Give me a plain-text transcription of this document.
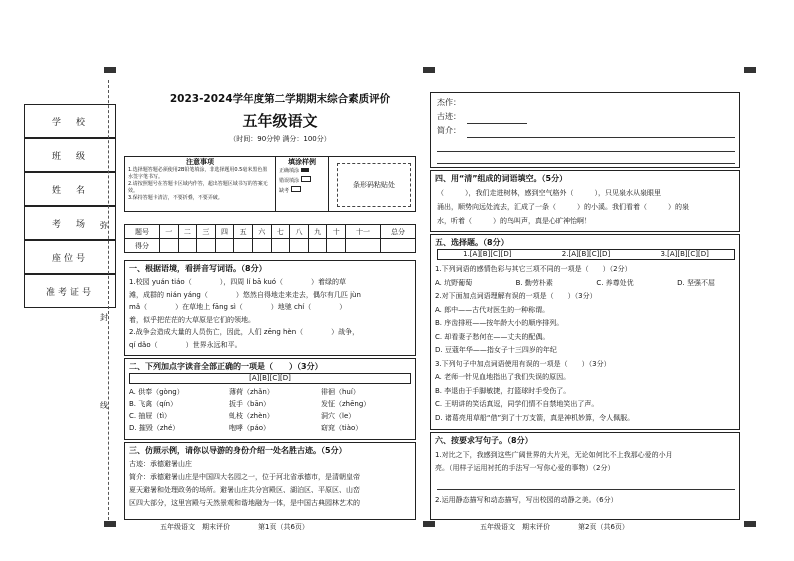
学　校
班　级
姓　名
考　场
座位号
准考证号
弥
封
线
2023-2024学年度第二学期期末综合素质评价
五年级语文
（时间：90分钟 满分：100分）
注意事项
1.选择题答题必须使用2B铅笔填涂，非选择题用0.5毫米黑色墨水签字笔书写。
2.请按照题号在答题卡区域内作答，超出答题区域书写的答案无效。
3.保持答题卡清洁，不要折叠，不要弄破。
填涂样例
正确填涂
错误填涂
缺考
条形码粘贴处
题号	一	二	三	四	五	六	七	八	九	十	十一	总分
得分												
一、根据语境，看拼音写词语。（8分）
1.校园 yuán tiáo（　　　　），四周 lí bā kuó（　　　　）着绿的草
滩，成群的 nián yáng（　　　　）悠然自得地走来走去，偶尔有几匹 jùn
mǎ（　　　　）在草地上 fāng sì（　　　　）地驰 chí（　　　　）
着，似乎把茫茫的大草原是它们的领地。
2.战争会造成大量的人员伤亡，因此，人们 zēng hèn（　　　　）战争，
qí dǎo（　　　　）世界永远和平。
二、下列加点字读音全部正确的一项是（　　）（3分）
[A][B][C][D]
A. 供奉（gòng）	薄荷（zhǎn）	徘徊（huí）
B. 飞禽（qín）	扳手（bān）	发怔（zhēng）
C. 抽屉（tì）	虬枝（zhèn）	洞穴（le）
D. 摧毁（zhé）	咆哮（páo）	窈窕（tiào）
三、仿照示例，请你以导游的身份介绍一处名胜古迹。（5分）
古迹：承德避暑山庄
简介：承德避暑山庄是中国四大名园之一，位于河北省承德市，是清朝皇帝
夏天避暑和处理政务的场所。避暑山庄共分宫殿区、湖泊区、平原区、山峦
区四大部分，这里宫殿与天然景观和谐地融为一体，是中国古典园林艺术的
五年级语文　期末评价　　　　第1页（共6页）
杰作：
古迹：
简介：
四、用“清”组成的词语填空。（5分）
（　　　），我们走进树林，感到空气格外（　　　），只见泉水从泉眼里
涌出，顺势向远处流去，汇成了一条（　　　）的小溪。我们看着（　　　）的泉
水，听着（　　　）的鸟叫声，真是心旷神怡啊！
五、选择题。（8分）
1.[A][B][C][D]	2.[A][B][C][D]	3.[A][B][C][D]
1.下列词语的感情色彩与其它三项不同的一项是（　　）（2分）
A. 坑野葡萄	B. 勤劳朴素	C. 养尊处优	D. 坚强不屈
2.对下面加点词语理解有误的一项是（　　）（3分）
A. 郎中——古代对医生的一种称谓。
B. 序齿排班——按年龄大小的顺序排列。
C. 却看妻子愁何在——丈夫的配偶。
D. 豆蔻年华——指女子十三四岁的年纪
3.下列句子中加点词语使用有误的一项是（　　）（3分）
A. 老师一针见血地指出了我们失误的原因。
B. 李退由于手脚敏捷，打篮球时手受伤了。
C. 王明讲的笑话真逗，同学们情不自禁地笑出了声。
D. 诸葛亮用草船“借”到了十万支箭，真是神机妙算，令人佩服。
六、按要求写句子。（8分）
1.对比之下，我感到这些广阔世界的大片光，无论如何比不上我那心爱的小月
亮。（用样子运用衬托的手法写一写你心爱的事物）（2分）
2.运用静态描写和动态描写，写出校园的动静之美。（6分）
五年级语文　期末评价　　　　第2页（共6页）
